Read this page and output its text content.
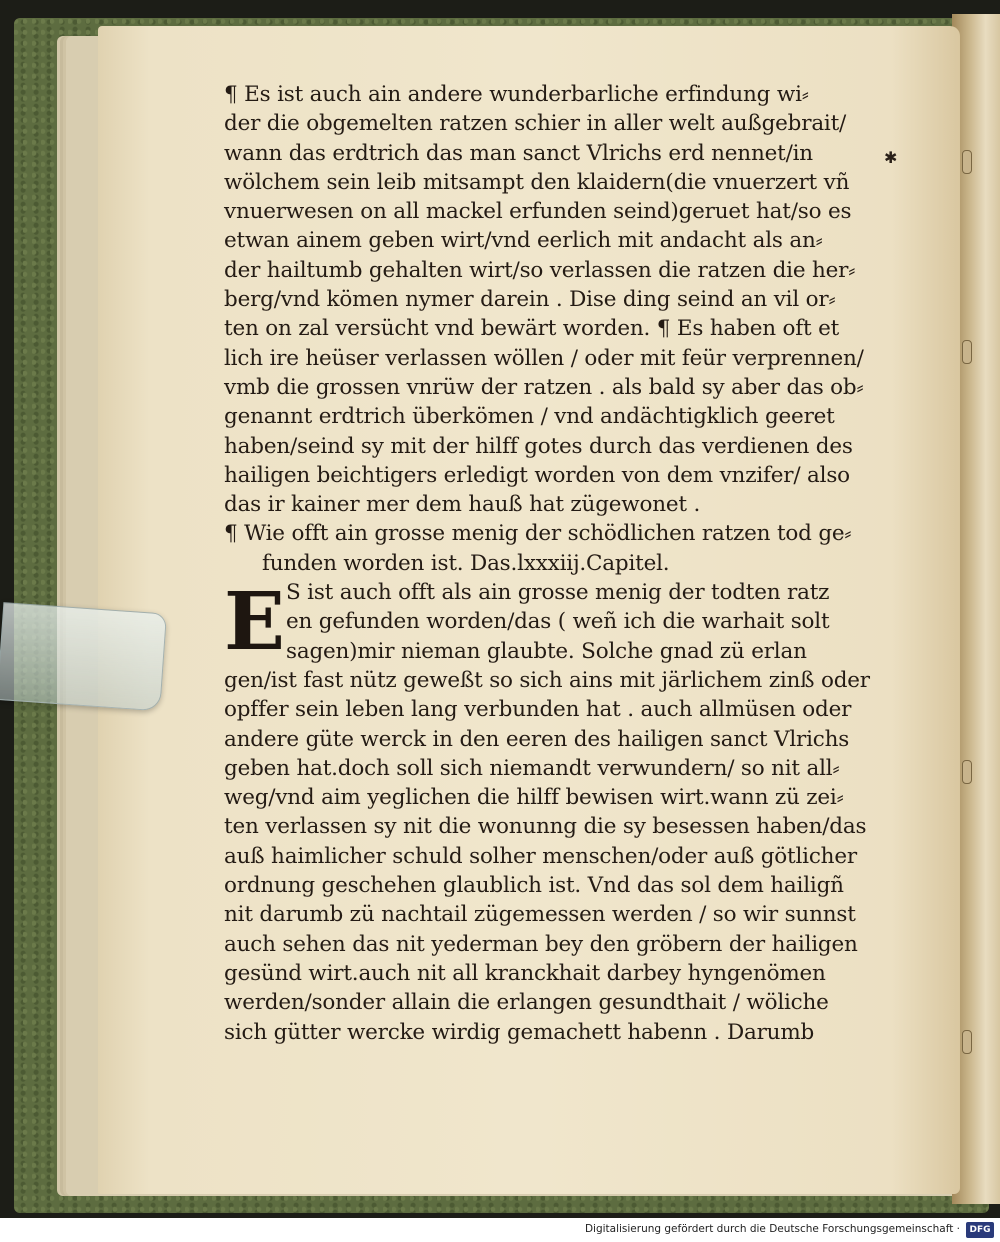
¶ Es ist auch ain andere wunderbarliche erfindung wi⸗
der die obgemelten ratzen schier in aller welt außgebrait/
wann das erdtrich das man sanct Vlrichs erd nennet/in
wölchem sein leib mitsampt den klaidern(die vnuerzert vñ
vnuerwesen on all mackel erfunden seind)geruet hat/so es
etwan ainem geben wirt/vnd eerlich mit andacht als an⸗
der hailtumb gehalten wirt/so verlassen die ratzen die her⸗
berg/vnd kömen nymer darein . Dise ding seind an vil or⸗
ten on zal versücht vnd bewärt worden. ¶ Es haben oft et
lich ire heüser verlassen wöllen / oder mit feür verprennen/
vmb die grossen vnrüw der ratzen . als bald sy aber das ob⸗
genannt erdtrich überkömen / vnd andächtigklich geeret
haben/seind sy mit der hilff gotes durch das verdienen des
hailigen beichtigers erledigt worden von dem vnzifer/ also
das ir kainer mer dem hauß hat zügewonet .
¶ Wie offt ain grosse menig der schödlichen ratzen tod ge⸗
funden worden ist. Das.lxxxiij.Capitel.
E S ist auch offt als ain grosse menig der todten ratz
en gefunden worden/das ( weñ ich die warhait solt
sagen)mir nieman glaubte. Solche gnad zü erlan
gen/ist fast nütz geweßt so sich ains mit järlichem zinß oder
opffer sein leben lang verbunden hat . auch allmüsen oder
andere güte werck in den eeren des hailigen sanct Vlrichs
geben hat.doch soll sich niemandt verwundern/ so nit all⸗
weg/vnd aim yeglichen die hilff bewisen wirt.wann zü zei⸗
ten verlassen sy nit die wonunng die sy besessen haben/das
auß haimlicher schuld solher menschen/oder auß götlicher
ordnung geschehen glaublich ist. Vnd das sol dem hailigñ
nit darumb zü nachtail zügemessen werden / so wir sunnst
auch sehen das nit yederman bey den gröbern der hailigen
gesünd wirt.auch nit all kranckhait darbey hyngenömen
werden/sonder allain die erlangen gesundthait / wöliche
sich gütter wercke wirdig gemachett habenn . Darumb
✱
Digitalisierung gefördert durch die Deutsche Forschungsgemeinschaft ·	DFG
